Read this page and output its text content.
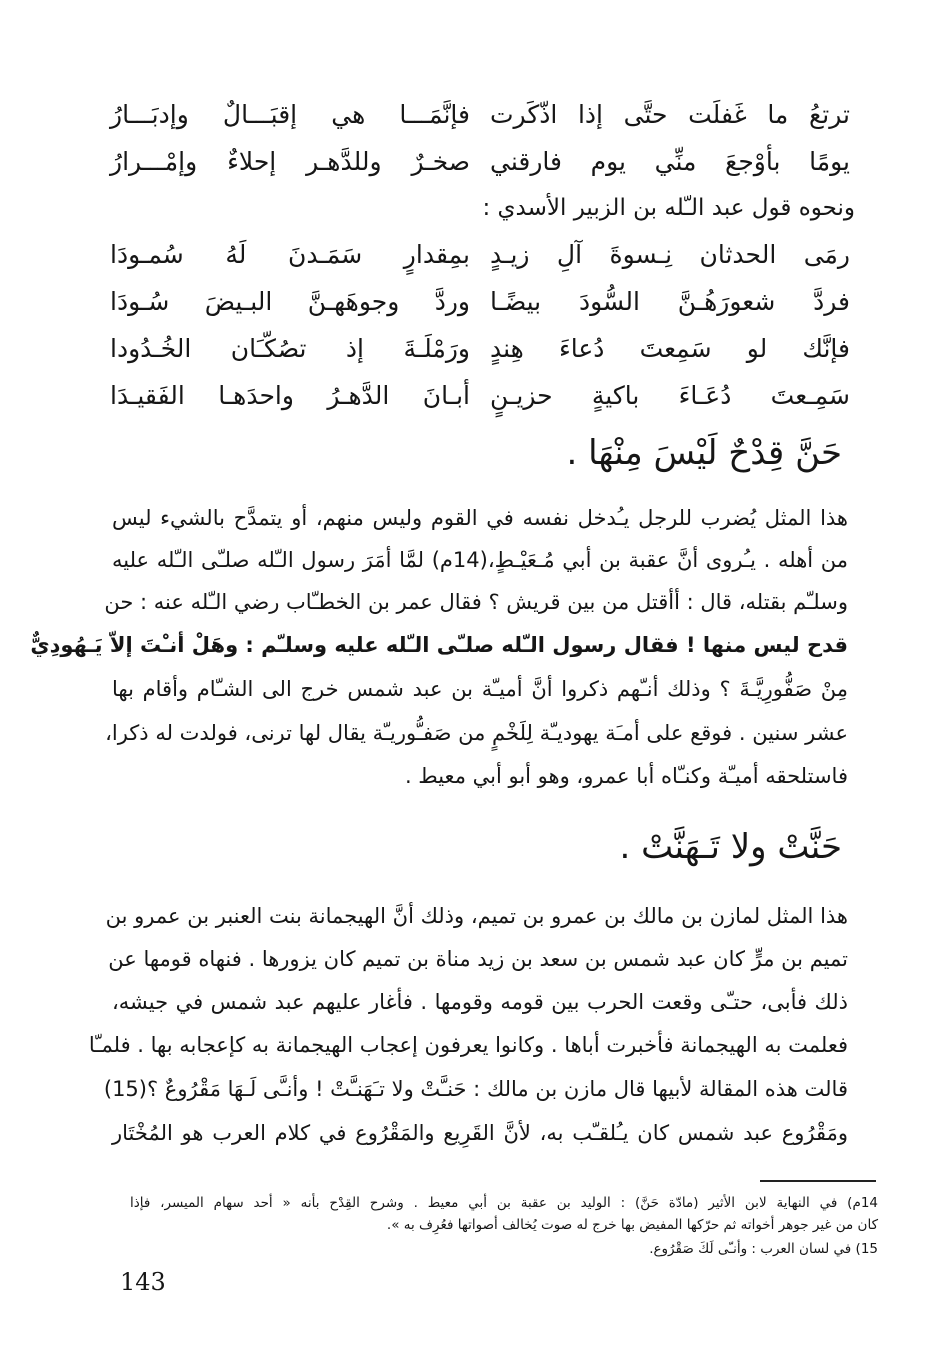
ترتعُ ما غَفلَت حتَّى إذا اذّكَرت
يومًا بأوْجعَ منِّي يوم فارقني
فإنَّمَـــا هي إقبَـــالٌ وإدبَـــارُ
صخـرٌ وللدَّهـر إحلاءٌ وإمْـــرارُ
ونحوه قول عبد الـّله بن الزبير الأسدي :
رمَى الحدثان نِـسوةَ آلِ زيـدٍ
فردَّ شعورَهُـنَّ السُّودَ بيضًـا
فإنَّك لو سَمِعتَ دُعاءَ هِندٍ
سَمِـعتَ دُعَـاءَ باكيةٍ حزيـنٍ
بمِقدارٍ سَمَـدنَ لَهُ سُمـودَا
وردَّ وجوهَهـنَّ البـيضَ سُـودَا
ورَمْلَـةَ إذ تصُكّـَان الخُـدُودا
أبـانَ الدَّهـرُ واحدَهـا الفَقيـدَا
حَنَّ قِدْحٌ لَيْسَ مِنْهَا .
هذا المثل يُضرب للرجل يـُدخل نفسه في القوم وليس منهم، أو يتمدَّح بالشيء ليس
من أهله . يـُروى أنَّ عقبة بن أبي مُـعَيْـطٍ،(14م) لمَّا أمَرَ رسول الـّله صلـّى الـّله عليه
وسلـّم بقتله، قال : أأقتل من بين قريش ؟ فقال عمر بن الخطـّاب رضي الـّله عنه : حن
قدح ليس منها ! فقال رسول الـّله صلـّى الـّله عليه وسلـّم : وهَلْ أنـْتَ إلاّ يَـهُودِيٌّ
مِنْ صَفُّورِيَّـةَ ؟ وذلك أنـّهم ذكروا أنَّ أميـّة بن عبد شمس خرج الى الشـّام وأقام بها
عشر سنين . فوقع على أمـَة يهوديـّة لِلَخْمٍ من صَفـُّوريـّة يقال لها ترنى، فولدت له ذكرا،
فاستلحقه أميـّة وكنـّاه أبا عمرو، وهو أبو أبي معيط .
حَنَّتْ ولا تَـهَنَّتْ .
هذا المثل لمازن بن مالك بن عمرو بن تميم، وذلك أنَّ الهيجمانة بنت العنبر بن عمرو بن
تميم بن مرٍّ كان عبد شمس بن سعد بن زيد مناة بن تميم كان يزورها . فنهاه قومها عن
ذلك فأبى، حتـّى وقعت الحرب بين قومه وقومها . فأغار عليهم عبد شمس في جيشه،
فعلمت به الهيجمانة فأخبرت أباها . وكانوا يعرفون إعجاب الهيجمانة به كإعجابه بها . فلمـّا
قالت هذه المقالة لأبيها قال مازن بن مالك : حَنـَّتْ ولا تـَهَنـَّتْ ! وأنـَّى لَـهَا مَقْرُوعٌ ؟(15)
ومَقْرُوع عبد شمس كان يـُلقـّب به، لأنَّ القَرِيع والمَقْرُوع في كلام العرب هو المُخْتَار
14م) في النهاية لابن الأثير (مادّة حَنَّ) : الوليد بن عقبة بن أبي معيط . وشرح القِدْح بأنه « أحد سهام الميسر، فإذا
كان من غير جوهر أخواته ثم حرّكها المفيض بها خرج له صوت يُخالف أصواتها فعُرِف به ».
15) في لسان العرب : وأنـّى لَكَ صَقْرُوع.
143
